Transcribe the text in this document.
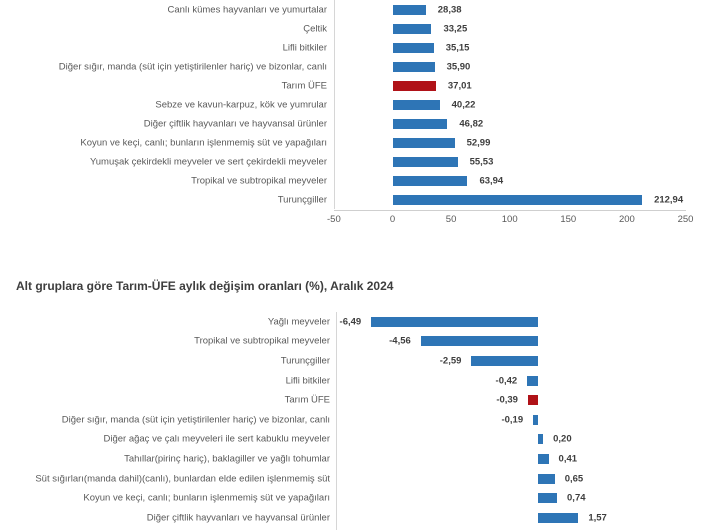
Canlı kümes hayvanları ve yumurtalar	28,38
Çeltik	33,25
Lifli bitkiler	35,15
Diğer sığır, manda (süt için yetiştirilenler hariç) ve bizonlar, canlı	35,90
Tarım ÜFE	37,01
Sebze ve kavun-karpuz, kök ve yumrular	40,22
Diğer çiftlik hayvanları ve hayvansal ürünler	46,82
Koyun ve keçi, canlı; bunların işlenmemiş süt ve yapağıları	52,99
Yumuşak çekirdekli meyveler ve sert çekirdekli meyveler	55,53
Tropikal ve subtropikal meyveler	63,94
Turunçgiller	212,94
-50	0	50	100	150	200	250
Alt gruplara göre Tarım-ÜFE aylık değişim oranları (%), Aralık 2024
Yağlı meyveler -6,49
Tropikal ve subtropikal meyveler	-4,56
Turunçgiller	-2,59
Lifli bitkiler	-0,42
Tarım ÜFE	-0,39
Diğer sığır, manda (süt için yetiştirilenler hariç) ve bizonlar, canlı	-0,19
Diğer ağaç ve çalı meyveleri ile sert kabuklu meyveler	0,20
Tahıllar(pirinç hariç), baklagiller ve yağlı tohumlar	0,41
Süt sığırları(manda dahil)(canlı), bunlardan elde edilen işlenmemiş süt	0,65
Koyun ve keçi, canlı; bunların işlenmemiş süt ve yapağıları	0,74
Diğer çiftlik hayvanları ve hayvansal ürünler	1,57
